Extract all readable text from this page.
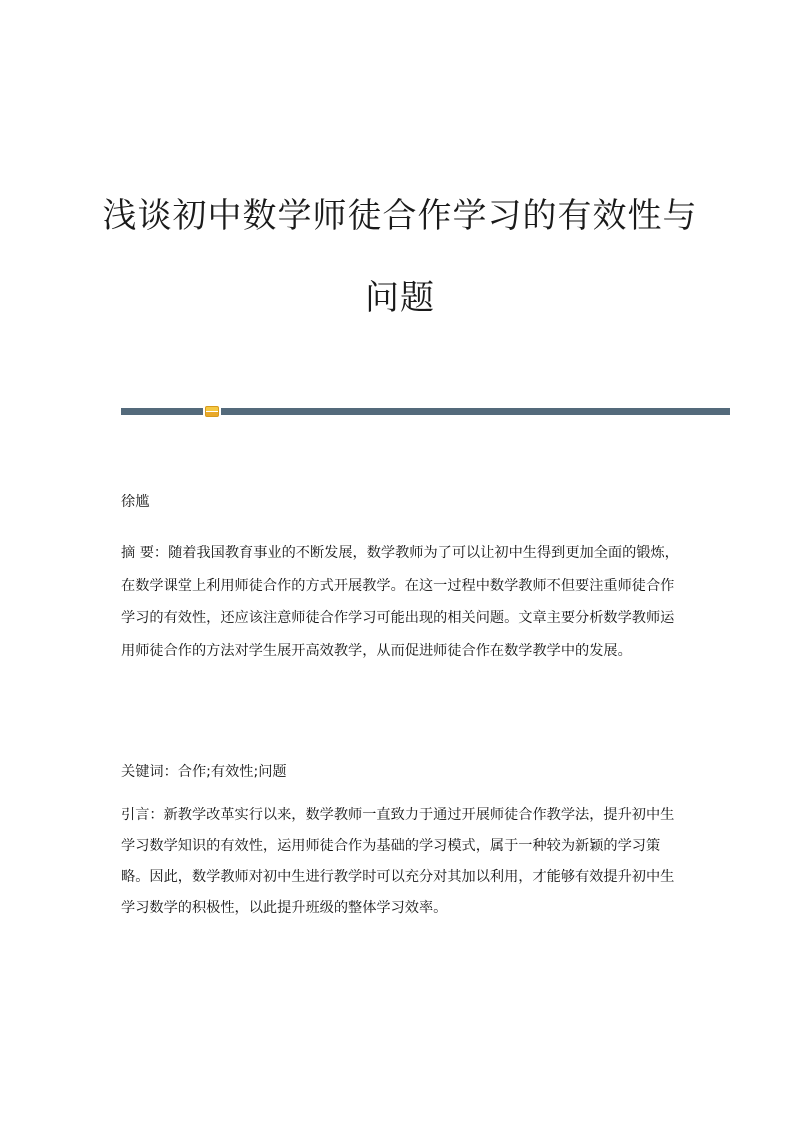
浅谈初中数学师徒合作学习的有效性与
问题
徐尴
摘 要：随着我国教育事业的不断发展，数学教师为了可以让初中生得到更加全面的锻炼，在数学课堂上利用师徒合作的方式开展教学。在这一过程中数学教师不但要注重师徒合作学习的有效性，还应该注意师徒合作学习可能出现的相关问题。文章主要分析数学教师运用师徒合作的方法对学生展开高效教学，从而促进师徒合作在数学教学中的发展。
关键词：合作;有效性;问题
引言：新教学改革实行以来，数学教师一直致力于通过开展师徒合作教学法，提升初中生学习数学知识的有效性，运用师徒合作为基础的学习模式，属于一种较为新颖的学习策略。因此，数学教师对初中生进行教学时可以充分对其加以利用，才能够有效提升初中生学习数学的积极性，以此提升班级的整体学习效率。
